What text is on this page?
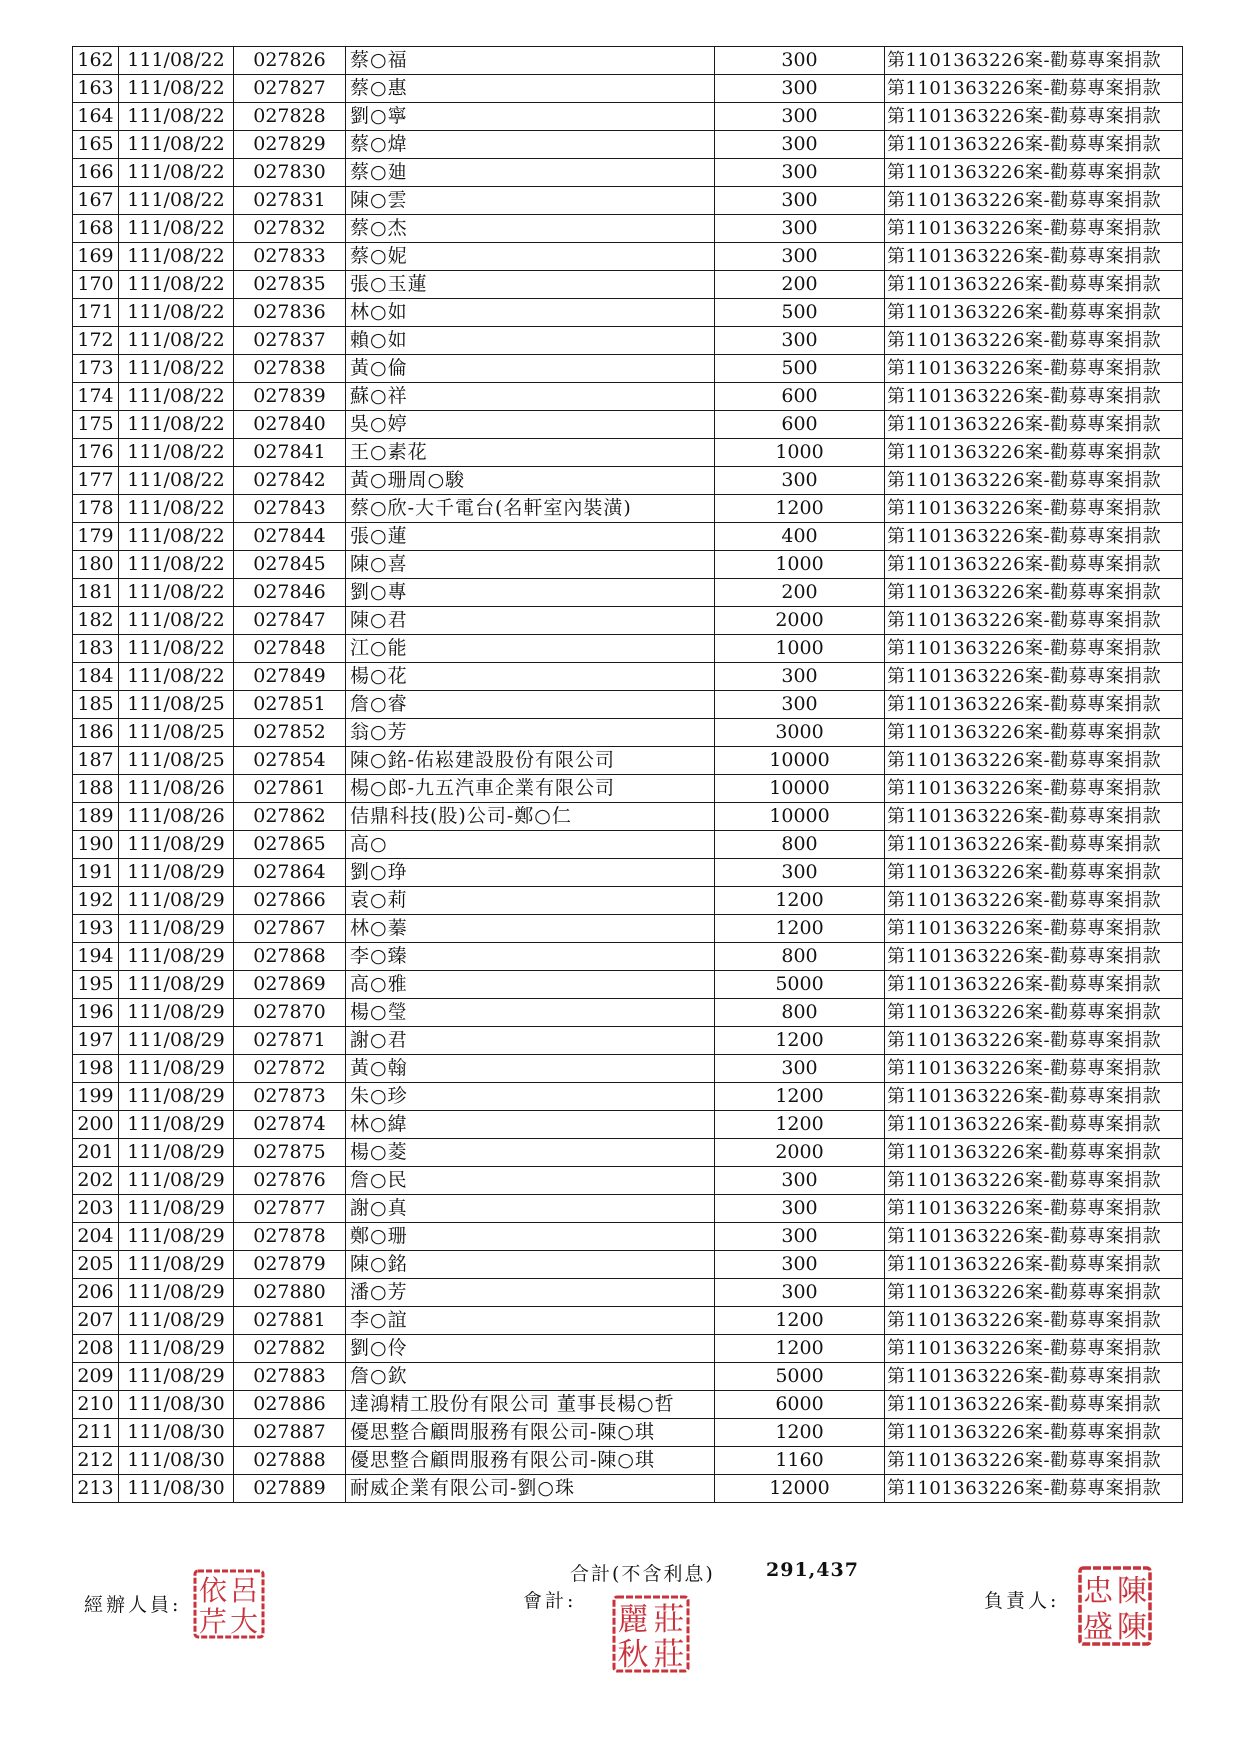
162	111/08/22	027826	蔡○福	300	第1101363226案-勸募專案捐款
163	111/08/22	027827	蔡○惠	300	第1101363226案-勸募專案捐款
164	111/08/22	027828	劉○寧	300	第1101363226案-勸募專案捐款
165	111/08/22	027829	蔡○煒	300	第1101363226案-勸募專案捐款
166	111/08/22	027830	蔡○廸	300	第1101363226案-勸募專案捐款
167	111/08/22	027831	陳○雲	300	第1101363226案-勸募專案捐款
168	111/08/22	027832	蔡○杰	300	第1101363226案-勸募專案捐款
169	111/08/22	027833	蔡○妮	300	第1101363226案-勸募專案捐款
170	111/08/22	027835	張○玉蓮	200	第1101363226案-勸募專案捐款
171	111/08/22	027836	林○如	500	第1101363226案-勸募專案捐款
172	111/08/22	027837	賴○如	300	第1101363226案-勸募專案捐款
173	111/08/22	027838	黃○倫	500	第1101363226案-勸募專案捐款
174	111/08/22	027839	蘇○祥	600	第1101363226案-勸募專案捐款
175	111/08/22	027840	吳○婷	600	第1101363226案-勸募專案捐款
176	111/08/22	027841	王○素花	1000	第1101363226案-勸募專案捐款
177	111/08/22	027842	黃○珊周○駿	300	第1101363226案-勸募專案捐款
178	111/08/22	027843	蔡○欣-大千電台(名軒室內裝潢)	1200	第1101363226案-勸募專案捐款
179	111/08/22	027844	張○蓮	400	第1101363226案-勸募專案捐款
180	111/08/22	027845	陳○喜	1000	第1101363226案-勸募專案捐款
181	111/08/22	027846	劉○專	200	第1101363226案-勸募專案捐款
182	111/08/22	027847	陳○君	2000	第1101363226案-勸募專案捐款
183	111/08/22	027848	江○能	1000	第1101363226案-勸募專案捐款
184	111/08/22	027849	楊○花	300	第1101363226案-勸募專案捐款
185	111/08/25	027851	詹○睿	300	第1101363226案-勸募專案捐款
186	111/08/25	027852	翁○芳	3000	第1101363226案-勸募專案捐款
187	111/08/25	027854	陳○銘-佑崧建設股份有限公司	10000	第1101363226案-勸募專案捐款
188	111/08/26	027861	楊○郎-九五汽車企業有限公司	10000	第1101363226案-勸募專案捐款
189	111/08/26	027862	佶鼎科技(股)公司-鄭○仁	10000	第1101363226案-勸募專案捐款
190	111/08/29	027865	高○	800	第1101363226案-勸募專案捐款
191	111/08/29	027864	劉○琤	300	第1101363226案-勸募專案捐款
192	111/08/29	027866	袁○莉	1200	第1101363226案-勸募專案捐款
193	111/08/29	027867	林○蓁	1200	第1101363226案-勸募專案捐款
194	111/08/29	027868	李○臻	800	第1101363226案-勸募專案捐款
195	111/08/29	027869	高○雅	5000	第1101363226案-勸募專案捐款
196	111/08/29	027870	楊○瑩	800	第1101363226案-勸募專案捐款
197	111/08/29	027871	謝○君	1200	第1101363226案-勸募專案捐款
198	111/08/29	027872	黃○翰	300	第1101363226案-勸募專案捐款
199	111/08/29	027873	朱○珍	1200	第1101363226案-勸募專案捐款
200	111/08/29	027874	林○緯	1200	第1101363226案-勸募專案捐款
201	111/08/29	027875	楊○菱	2000	第1101363226案-勸募專案捐款
202	111/08/29	027876	詹○民	300	第1101363226案-勸募專案捐款
203	111/08/29	027877	謝○真	300	第1101363226案-勸募專案捐款
204	111/08/29	027878	鄭○珊	300	第1101363226案-勸募專案捐款
205	111/08/29	027879	陳○銘	300	第1101363226案-勸募專案捐款
206	111/08/29	027880	潘○芳	300	第1101363226案-勸募專案捐款
207	111/08/29	027881	李○誼	1200	第1101363226案-勸募專案捐款
208	111/08/29	027882	劉○伶	1200	第1101363226案-勸募專案捐款
209	111/08/29	027883	詹○欽	5000	第1101363226案-勸募專案捐款
210	111/08/30	027886	達鴻精工股份有限公司 董事長楊○哲	6000	第1101363226案-勸募專案捐款
211	111/08/30	027887	優思整合顧問服務有限公司-陳○琪	1200	第1101363226案-勸募專案捐款
212	111/08/30	027888	優思整合顧問服務有限公司-陳○琪	1160	第1101363226案-勸募專案捐款
213	111/08/30	027889	耐威企業有限公司-劉○珠	12000	第1101363226案-勸募專案捐款
合計(不含利息)	291,437
經辦人員:	會計:	負責人:
呂
依
芹 大	莊
麗
秋 莊
陳
忠
盛 陳
